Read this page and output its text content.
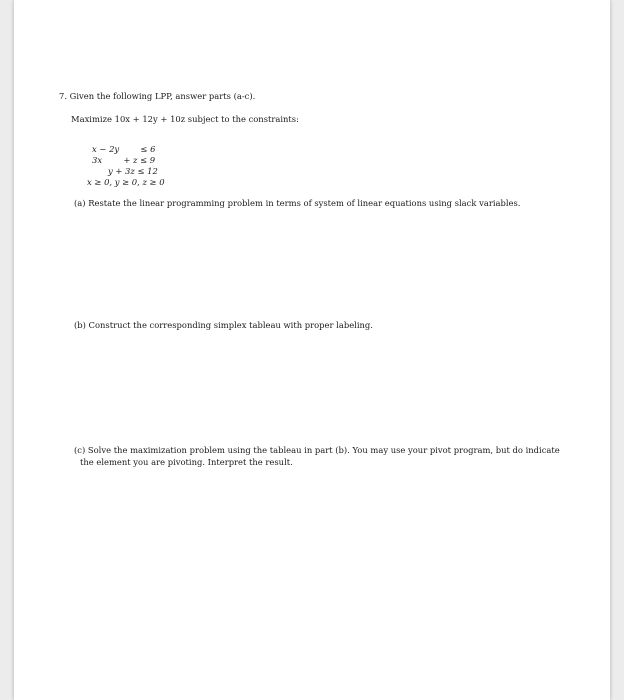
7. Given the following LPP, answer parts (a-c).
Maximize 10x + 12y + 10z subject to the constraints:
x − 2y        ≤ 6
3x        + z ≤ 9
y + 3z ≤ 12
x ≥ 0, y ≥ 0, z ≥ 0
(a) Restate the linear programming problem in terms of system of linear equations using slack variables.
(b) Construct the corresponding simplex tableau with proper labeling.
(c) Solve the maximization problem using the tableau in part (b). You may use your pivot program, but do indicate
the element you are pivoting. Interpret the result.
